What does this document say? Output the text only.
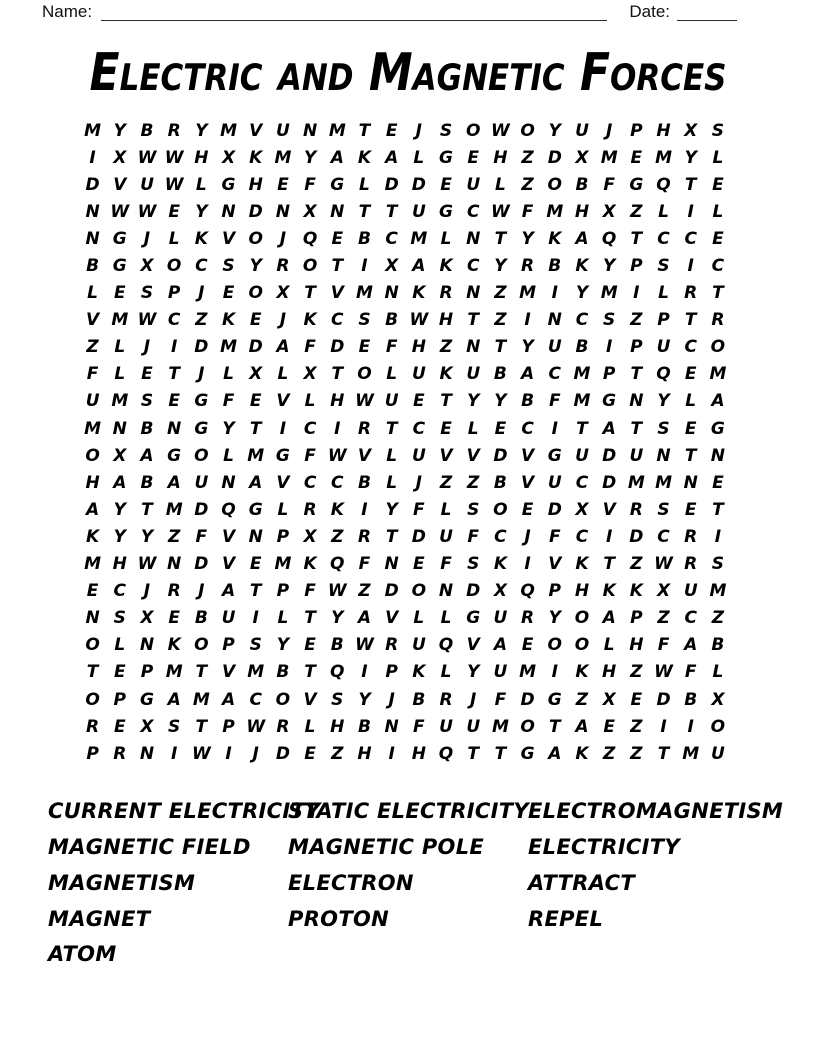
Name:	Date:
Electric and Magnetic Forces
M Y B R Y M V U N M T E	J	S O W O Y U	J	P H X S
I	X W W H X K M Y A K A L G E H Z D X M E M Y L
D V U W L G H E F G L D D E U L Z O B F G Q T E
N W W E Y N D N X N T T U G C W F M H X Z L	I	L
N G	J	L K V O J Q E B C M L N T Y K A Q T C C E
B G X O C S Y R O T	I	X A K C Y R B K Y P S	I	C
L E S P	J	E O X T V M N K R N Z M I	Y M I	L R T
V M W C Z K E	J	K C S B W H T Z	I N C S Z P T R
Z L	J	I D M D A F D E F H Z N T Y U B	I	P U C O
F L E T	J	L X L X T O L U K U B A C M P T Q E M
U M S E G F E V L H W U E T Y Y B F M G N Y L A
M N B N G Y T	I	C	I	R T C E L E C	I	T A T S E G
O X A G O L M G F W V L U V V D V G U D U N T N
H A B A U N A V C C B L	J	Z Z B V U C D M M N E
A Y T M D Q G L R K	I	Y F L S O E D X V R S E T
K Y Y Z F V N P X Z R T D U F C	J	F C	I D C R	I
M H W N D V E M K Q F N E F S K	I	V K T Z W R S
E C	J	R	J	A T P F W Z D O N D X Q P H K K X U M
N S X E B U	I	L T Y A V L L G U R Y O A P Z C Z
O L N K O P S Y E B W R U Q V A E O O L H F A B
T E P M T V M B T Q I	P K L Y U M I	K H Z W F L
O P G A M A C O V S Y	J	B R	J	F D G Z X E D B X
R E X S T P W R L H B N F U U M O T A E Z	I	I O
P R N I W I	J D E Z H I H Q T T G A K Z Z T M U
CURRENT ELECTRICITY
MAGNETIC FIELD
MAGNETISM
MAGNET
ATOM
STATIC ELECTRICITY
MAGNETIC POLE
ELECTRON
PROTON
ELECTROMAGNETISM
ELECTRICITY
ATTRACT
REPEL
